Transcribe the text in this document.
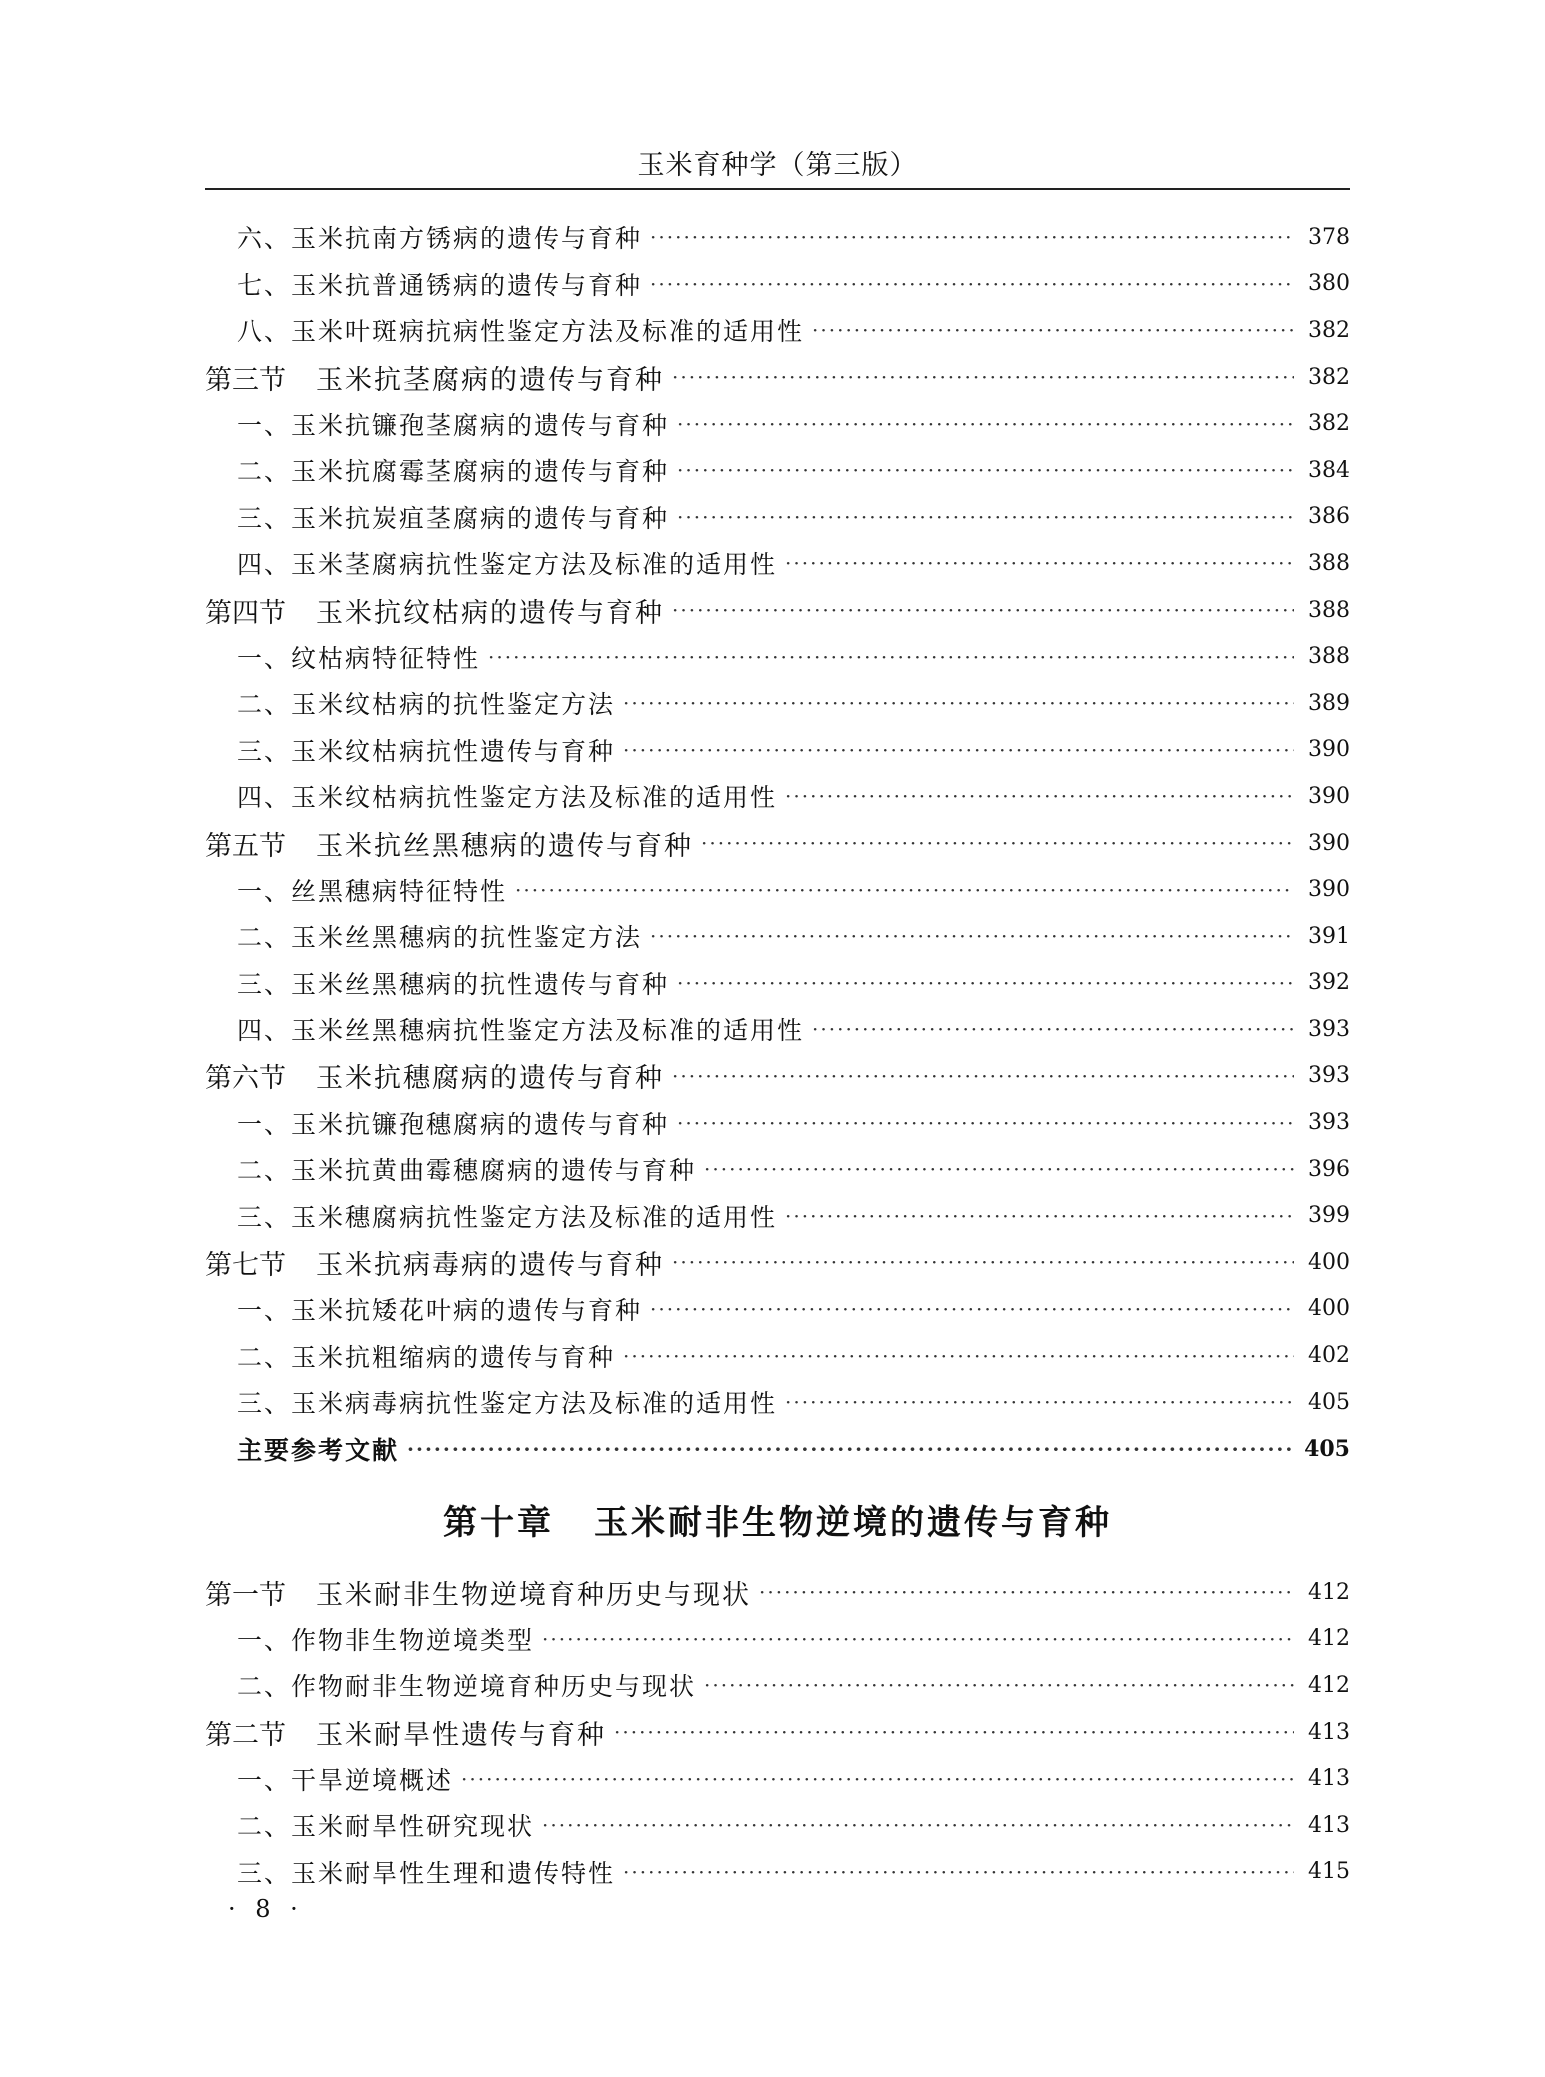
玉米育种学（第三版）
六、玉米抗南方锈病的遗传与育种 ·····	378
七、玉米抗普通锈病的遗传与育种 ·····	380
八、玉米叶斑病抗病性鉴定方法及标准的适用性 ·····	382
第三节 玉米抗茎腐病的遗传与育种 ·····	382
一、玉米抗镰孢茎腐病的遗传与育种 ·····	382
二、玉米抗腐霉茎腐病的遗传与育种 ·····	384
三、玉米抗炭疽茎腐病的遗传与育种 ·····	386
四、玉米茎腐病抗性鉴定方法及标准的适用性 ·····	388
第四节 玉米抗纹枯病的遗传与育种 ·····	388
一、纹枯病特征特性 ·····	388
二、玉米纹枯病的抗性鉴定方法 ·····	389
三、玉米纹枯病抗性遗传与育种 ·····	390
四、玉米纹枯病抗性鉴定方法及标准的适用性 ·····	390
第五节 玉米抗丝黑穗病的遗传与育种 ·····	390
一、丝黑穗病特征特性 ·····	390
二、玉米丝黑穗病的抗性鉴定方法 ·····	391
三、玉米丝黑穗病的抗性遗传与育种 ·····	392
四、玉米丝黑穗病抗性鉴定方法及标准的适用性 ·····	393
第六节 玉米抗穗腐病的遗传与育种 ·····	393
一、玉米抗镰孢穗腐病的遗传与育种 ·····	393
二、玉米抗黄曲霉穗腐病的遗传与育种 ·····	396
三、玉米穗腐病抗性鉴定方法及标准的适用性 ·····	399
第七节 玉米抗病毒病的遗传与育种 ·····	400
一、玉米抗矮花叶病的遗传与育种 ·····	400
二、玉米抗粗缩病的遗传与育种 ·····	402
三、玉米病毒病抗性鉴定方法及标准的适用性 ·····	405
主要参考文献 ·····	405
第十章 玉米耐非生物逆境的遗传与育种
第一节 玉米耐非生物逆境育种历史与现状 ·····	412
一、作物非生物逆境类型 ·····	412
二、作物耐非生物逆境育种历史与现状 ·····	412
第二节 玉米耐旱性遗传与育种 ·····	413
一、干旱逆境概述 ·····	413
二、玉米耐旱性研究现状 ·····	413
三、玉米耐旱性生理和遗传特性 ·····	415
· 8 ·
